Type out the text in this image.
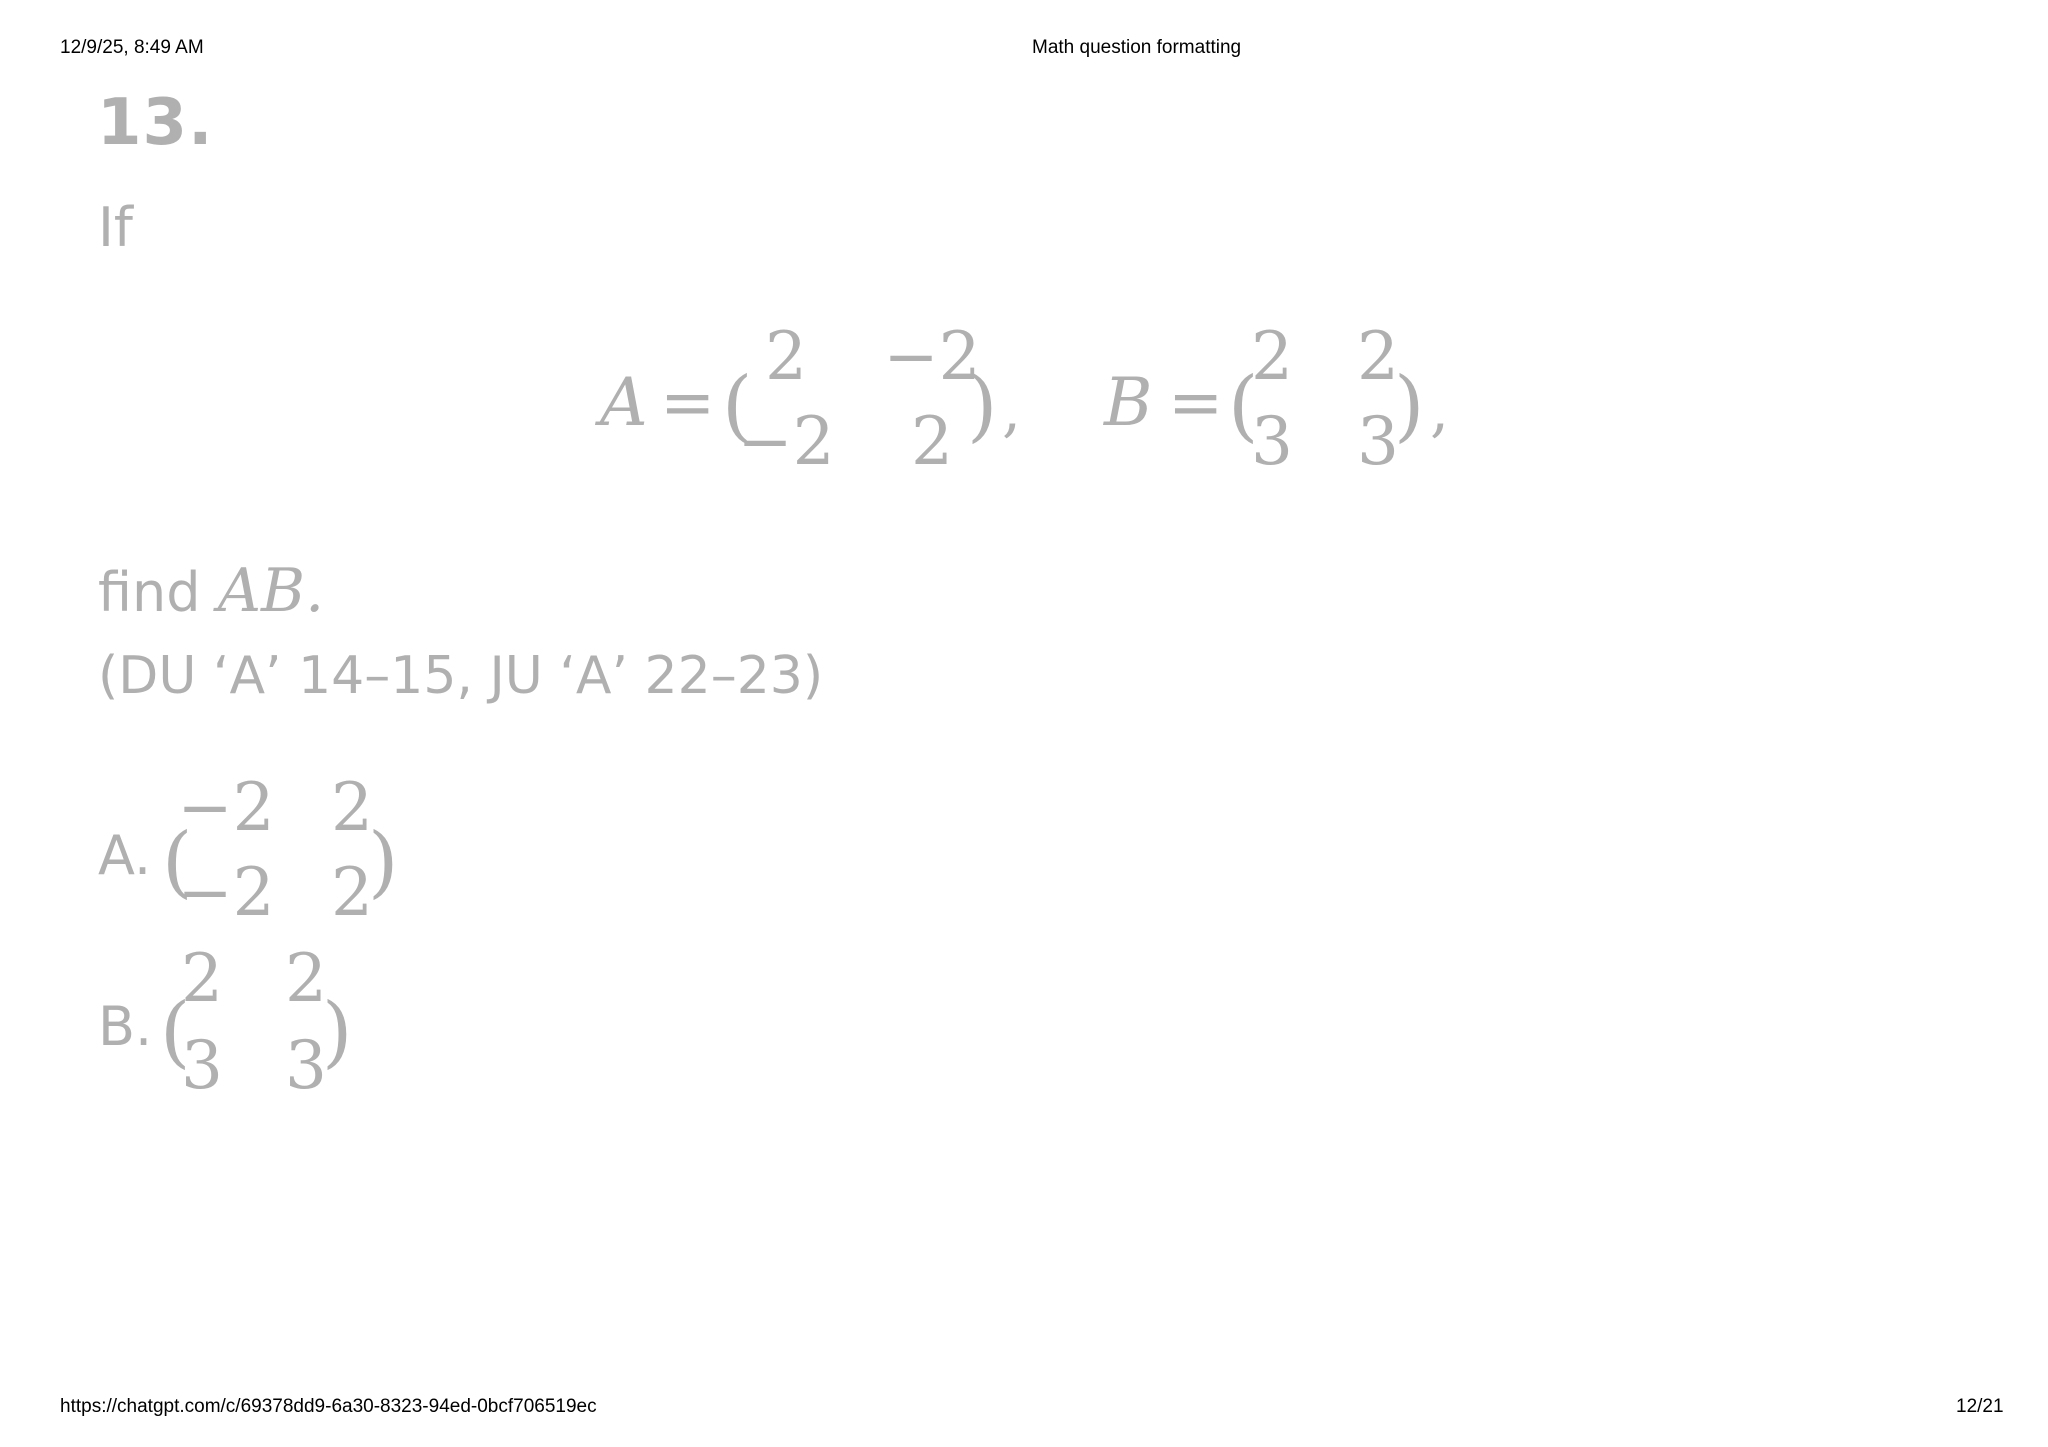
12/9/25, 8:49 AM	Math question formatting
13.
If
A = (
2 −2
−2 2 ) , B = (
2 2
3 3
) ,
(
−2 2
−2 2
)
(
2 2
3 3
)
find AB.
(DU ‘A’ 14–15, JU ‘A’ 22–23)
A.
B.
https://chatgpt.com/c/69378dd9-6a30-8323-94ed-0bcf706519ec	12/21
